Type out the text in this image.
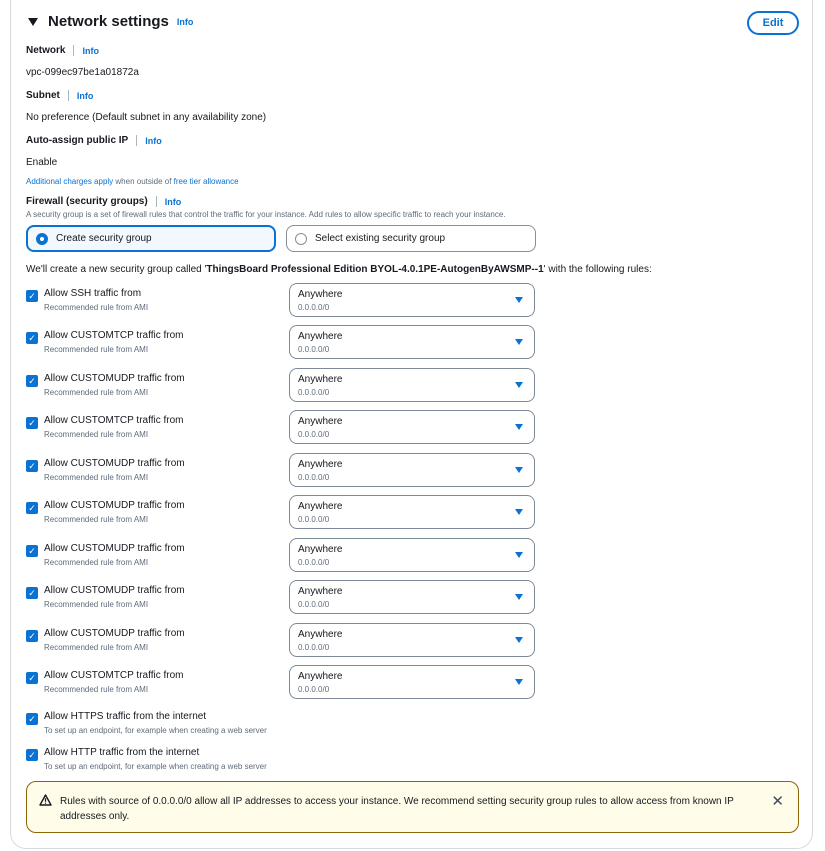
Network settings Info	Edit
Network Info
vpc-099ec97be1a01872a
Subnet Info
No preference (Default subnet in any availability zone)
Auto-assign public IP Info
Enable
Additional charges apply when outside of free tier allowance
Firewall (security groups) Info
A security group is a set of firewall rules that control the traffic for your instance. Add rules to allow specific traffic to reach your instance.
Create security group	Select existing security group
We'll create a new security group called 'ThingsBoard Professional Edition BYOL-4.0.1PE-AutogenByAWSMP--1' with the following rules:
✓ Allow SSH traffic from
Recommended rule from AMI
Anywhere
0.0.0.0/0
✓ Allow CUSTOMTCP traffic from
Recommended rule from AMI
Anywhere
0.0.0.0/0
✓ Allow CUSTOMUDP traffic from
Recommended rule from AMI
Anywhere
0.0.0.0/0
✓ Allow CUSTOMTCP traffic from
Recommended rule from AMI
Anywhere
0.0.0.0/0
✓ Allow CUSTOMUDP traffic from
Recommended rule from AMI
Anywhere
0.0.0.0/0
✓ Allow CUSTOMUDP traffic from
Recommended rule from AMI
Anywhere
0.0.0.0/0
✓ Allow CUSTOMUDP traffic from
Recommended rule from AMI
Anywhere
0.0.0.0/0
✓ Allow CUSTOMUDP traffic from
Recommended rule from AMI
Anywhere
0.0.0.0/0
✓ Allow CUSTOMUDP traffic from
Recommended rule from AMI
Anywhere
0.0.0.0/0
✓ Allow CUSTOMTCP traffic from
Recommended rule from AMI
Anywhere
0.0.0.0/0
✓ Allow HTTPS traffic from the internet
To set up an endpoint, for example when creating a web server
✓ Allow HTTP traffic from the internet
To set up an endpoint, for example when creating a web server
Rules with source of 0.0.0.0/0 allow all IP addresses to access your instance. We recommend setting security group rules to allow access from known IP addresses only.
✕
